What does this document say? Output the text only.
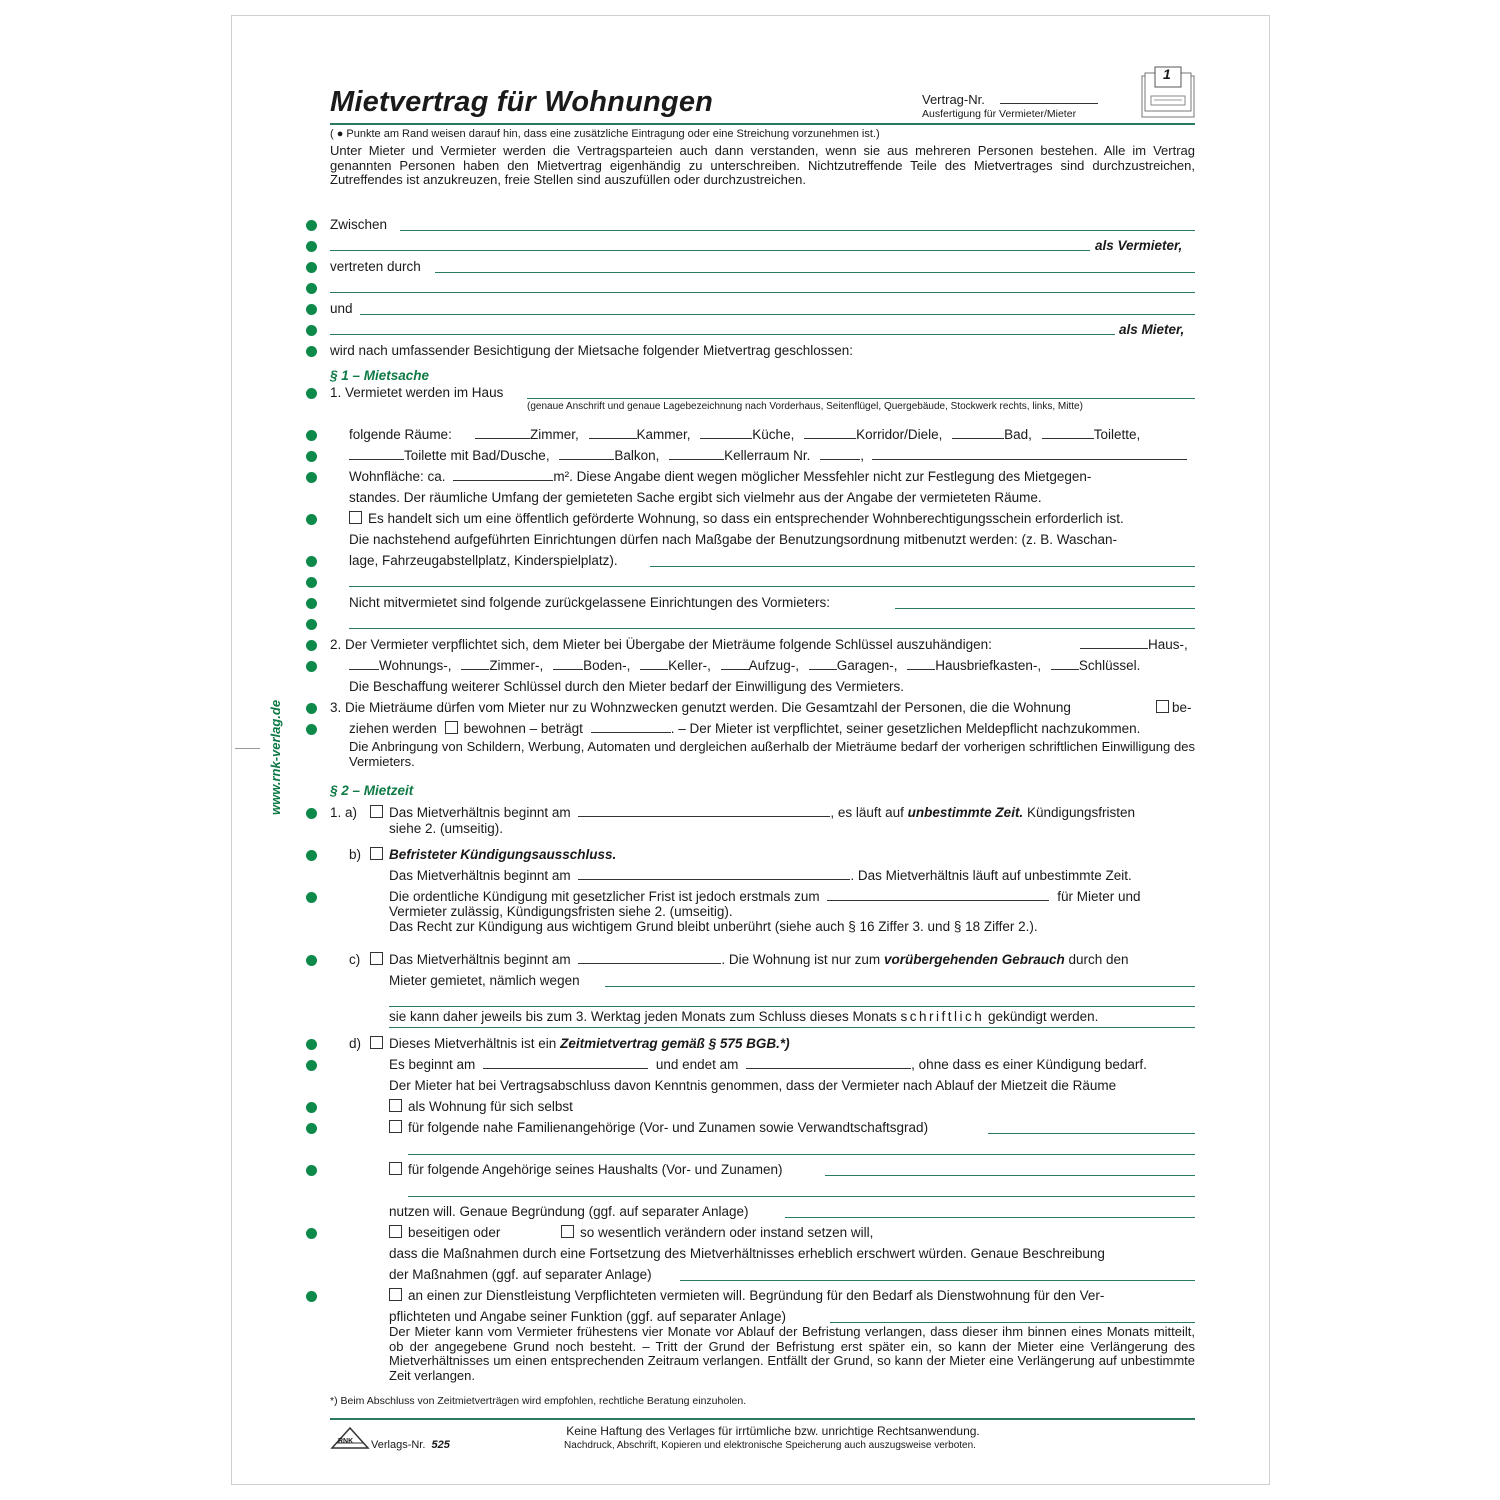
Mietvertrag für Wohnungen	Vertrag-Nr.
Ausfertigung für Vermieter/Mieter
1
( ● Punkte am Rand weisen darauf hin, dass eine zusätzliche Eintragung oder eine Streichung vorzunehmen ist.)
Unter Mieter und Vermieter werden die Vertragsparteien auch dann verstanden, wenn sie aus mehreren Personen bestehen. Alle im Vertrag genannten Personen haben den Mietvertrag eigenhändig zu unterschreiben. Nichtzutreffende Teile des Mietvertrages sind durchzustreichen, Zutreffendes ist anzukreuzen, freie Stellen sind auszufüllen oder durchzustreichen.
Zwischen
als Vermieter,
vertreten durch
und
als Mieter,
wird nach umfassender Besichtigung der Mietsache folgender Mietvertrag geschlossen:
§ 1 – Mietsache
1. Vermietet werden im Haus
(genaue Anschrift und genaue Lagebezeichnung nach Vorderhaus, Seitenflügel, Quergebäude, Stockwerk rechts, links, Mitte)
folgende Räume:	Zimmer,	Kammer,	Küche,	Korridor/Diele,	Bad,	Toilette,
Toilette mit Bad/Dusche,	Balkon,	Kellerraum Nr.	,
Wohnfläche: ca.	m². Diese Angabe dient wegen möglicher Messfehler nicht zur Festlegung des Mietgegen-
standes. Der räumliche Umfang der gemieteten Sache ergibt sich vielmehr aus der Angabe der vermieteten Räume.
Es handelt sich um eine öffentlich geförderte Wohnung, so dass ein entsprechender Wohnberechtigungsschein erforderlich ist.
Die nachstehend aufgeführten Einrichtungen dürfen nach Maßgabe der Benutzungsordnung mitbenutzt werden: (z. B. Waschan-
lage, Fahrzeugabstellplatz, Kinderspielplatz).
Nicht mitvermietet sind folgende zurückgelassene Einrichtungen des Vormieters:
2. Der Vermieter verpflichtet sich, dem Mieter bei Übergabe der Mieträume folgende Schlüssel auszuhändigen:	Haus-,
Wohnungs-,	Zimmer-,	Boden-,	Keller-,	Aufzug-,	Garagen-,	Hausbriefkasten-,	Schlüssel.
Die Beschaffung weiterer Schlüssel durch den Mieter bedarf der Einwilligung des Vermieters.
3. Die Mieträume dürfen vom Mieter nur zu Wohnzwecken genutzt werden. Die Gesamtzahl der Personen, die die Wohnung	be-
ziehen werden bewohnen – beträgt	. – Der Mieter ist verpflichtet, seiner gesetzlichen Meldepflicht nachzukommen.
Die Anbringung von Schildern, Werbung, Automaten und dergleichen außerhalb der Mieträume bedarf der vorherigen schriftlichen Einwilligung des Vermieters.
§ 2 – Mietzeit
1. a)	Das Mietverhältnis beginnt am	, es läuft auf unbestimmte Zeit. Kündigungsfristen
siehe 2. (umseitig).
b)	Befristeter Kündigungsausschluss.
Das Mietverhältnis beginnt am	. Das Mietverhältnis läuft auf unbestimmte Zeit.
Die ordentliche Kündigung mit gesetzlicher Frist ist jedoch erstmals zum	für Mieter und
Vermieter zulässig, Kündigungsfristen siehe 2. (umseitig).
Das Recht zur Kündigung aus wichtigem Grund bleibt unberührt (siehe auch § 16 Ziffer 3. und § 18 Ziffer 2.).
c)	Das Mietverhältnis beginnt am	. Die Wohnung ist nur zum vorübergehenden Gebrauch durch den
Mieter gemietet, nämlich wegen
sie kann daher jeweils bis zum 3. Werktag jeden Monats zum Schluss dieses Monats schriftlich gekündigt werden.
d)	Dieses Mietverhältnis ist ein Zeitmietvertrag gemäß § 575 BGB.*)
Es beginnt am	und endet am	, ohne dass es einer Kündigung bedarf.
Der Mieter hat bei Vertragsabschluss davon Kenntnis genommen, dass der Vermieter nach Ablauf der Mietzeit die Räume
als Wohnung für sich selbst
für folgende nahe Familienangehörige (Vor- und Zunamen sowie Verwandtschaftsgrad)
für folgende Angehörige seines Haushalts (Vor- und Zunamen)
nutzen will. Genaue Begründung (ggf. auf separater Anlage)
beseitigen oder	so wesentlich verändern oder instand setzen will,
dass die Maßnahmen durch eine Fortsetzung des Mietverhältnisses erheblich erschwert würden. Genaue Beschreibung
der Maßnahmen (ggf. auf separater Anlage)
an einen zur Dienstleistung Verpflichteten vermieten will. Begründung für den Bedarf als Dienstwohnung für den Ver-
pflichteten und Angabe seiner Funktion (ggf. auf separater Anlage)
Der Mieter kann vom Vermieter frühestens vier Monate vor Ablauf der Befristung verlangen, dass dieser ihm binnen eines Monats mitteilt, ob der angegebene Grund noch besteht. – Tritt der Grund der Befristung erst später ein, so kann der Mieter eine Verlängerung des Mietverhältnisses um einen entsprechenden Zeitraum verlangen. Entfällt der Grund, so kann der Mieter eine Verlängerung auf unbestimmte Zeit verlangen.
*) Beim Abschluss von Zeitmietverträgen wird empfohlen, rechtliche Beratung einzuholen.
RNK Verlags-Nr. 525
Keine Haftung des Verlages für irrtümliche bzw. unrichtige Rechtsanwendung.
Nachdruck, Abschrift, Kopieren und elektronische Speicherung auch auszugsweise verboten.
www.rnk-verlag.de
